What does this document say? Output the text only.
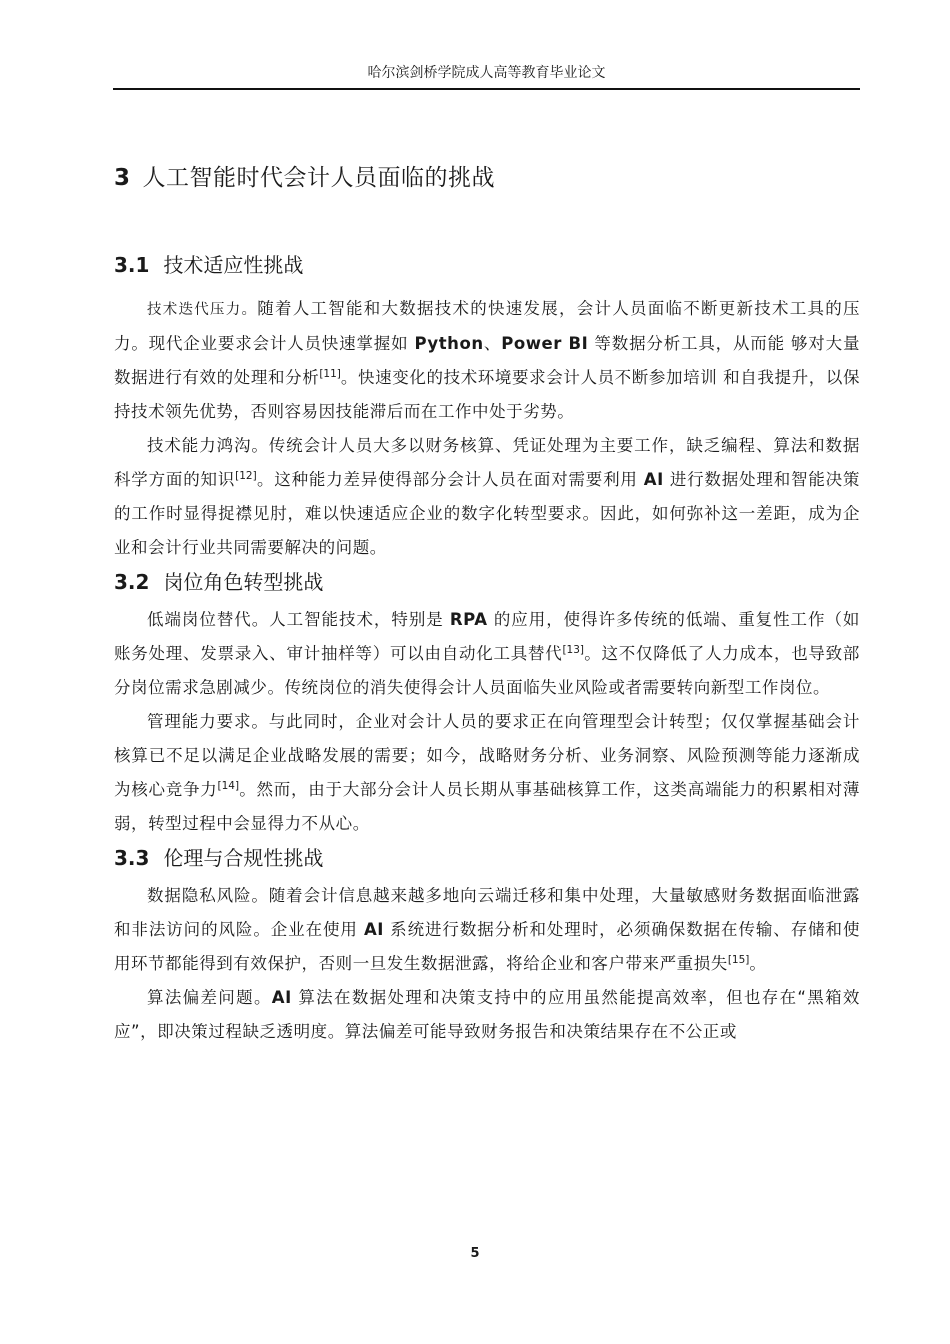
哈尔滨剑桥学院成人高等教育毕业论文
3 人工智能时代会计人员面临的挑战
3.1 技术适应性挑战

技术迭代压力。随着人工智能和大数据技术的快速发展，会计人员面临不断更新技术工具的压力。现代企业要求会计人员快速掌握如 Python、Power BI 等数据分析工具，从而能 够对大量数据进行有效的处理和分析[11]。快速变化的技术环境要求会计人员不断参加培训 和自我提升，以保持技术领先优势，否则容易因技能滞后而在工作中处于劣势。

技术能力鸿沟。传统会计人员大多以财务核算、凭证处理为主要工作，缺乏编程、算法和数据科学方面的知识[12]。这种能力差异使得部分会计人员在面对需要利用 AI 进行数据处理和智能决策的工作时显得捉襟见肘，难以快速适应企业的数字化转型要求。因此，如何弥补这一差距，成为企业和会计行业共同需要解决的问题。

3.2 岗位角色转型挑战

低端岗位替代。人工智能技术，特别是 RPA 的应用，使得许多传统的低端、重复性工作（如账务处理、发票录入、审计抽样等）可以由自动化工具替代[13]。这不仅降低了人力成本，也导致部分岗位需求急剧减少。传统岗位的消失使得会计人员面临失业风险或者需要转向新型工作岗位。

管理能力要求。与此同时，企业对会计人员的要求正在向管理型会计转型；仅仅掌握基础会计核算已不足以满足企业战略发展的需要；如今，战略财务分析、业务洞察、风险预测等能力逐渐成为核心竞争力[14]。然而，由于大部分会计人员长期从事基础核算工作，这类高端能力的积累相对薄弱，转型过程中会显得力不从心。

3.3 伦理与合规性挑战

数据隐私风险。随着会计信息越来越多地向云端迁移和集中处理，大量敏感财务数据面临泄露和非法访问的风险。企业在使用 AI 系统进行数据分析和处理时，必须确保数据在传输、存储和使用环节都能得到有效保护，否则一旦发生数据泄露，将给企业和客户带来严重损失[15]。

算法偏差问题。AI 算法在数据处理和决策支持中的应用虽然能提高效率，但也存在“黑箱效应”，即决策过程缺乏透明度。算法偏差可能导致财务报告和决策结果存在不公正或

5
